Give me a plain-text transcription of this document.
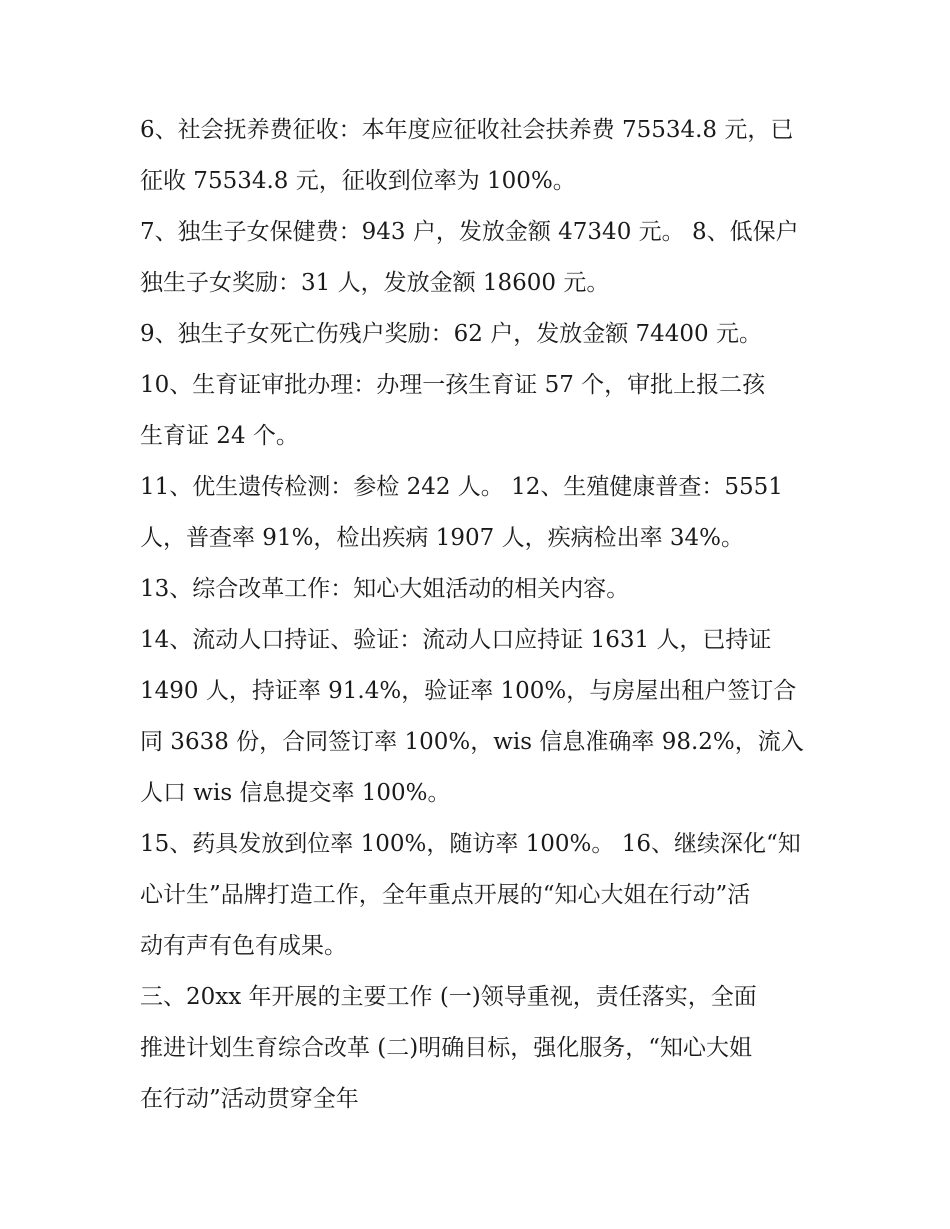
6、社会抚养费征收：本年度应征收社会扶养费 75534.8 元，已
征收 75534.8 元，征收到位率为 100%。

7、独生子女保健费：943 户，发放金额 47340 元。 8、低保户
独生子女奖励：31 人，发放金额 18600 元。

9、独生子女死亡伤残户奖励：62 户，发放金额 74400 元。

10、生育证审批办理：办理一孩生育证 57 个，审批上报二孩
生育证 24 个。

11、优生遗传检测：参检 242 人。 12、生殖健康普查：5551
人，普查率 91%，检出疾病 1907 人，疾病检出率 34%。

13、综合改革工作：知心大姐活动的相关内容。

14、流动人口持证、验证：流动人口应持证 1631 人，已持证
1490 人，持证率 91.4%，验证率 100%，与房屋出租户签订合
同 3638 份，合同签订率 100%，wis 信息准确率 98.2%，流入
人口 wis 信息提交率 100%。

15、药具发放到位率 100%，随访率 100%。 16、继续深化“知
心计生”品牌打造工作，全年重点开展的“知心大姐在行动”活
动有声有色有成果。

三、20xx 年开展的主要工作 (一)领导重视，责任落实，全面
推进计划生育综合改革 (二)明确目标，强化服务，“知心大姐
在行动”活动贯穿全年
